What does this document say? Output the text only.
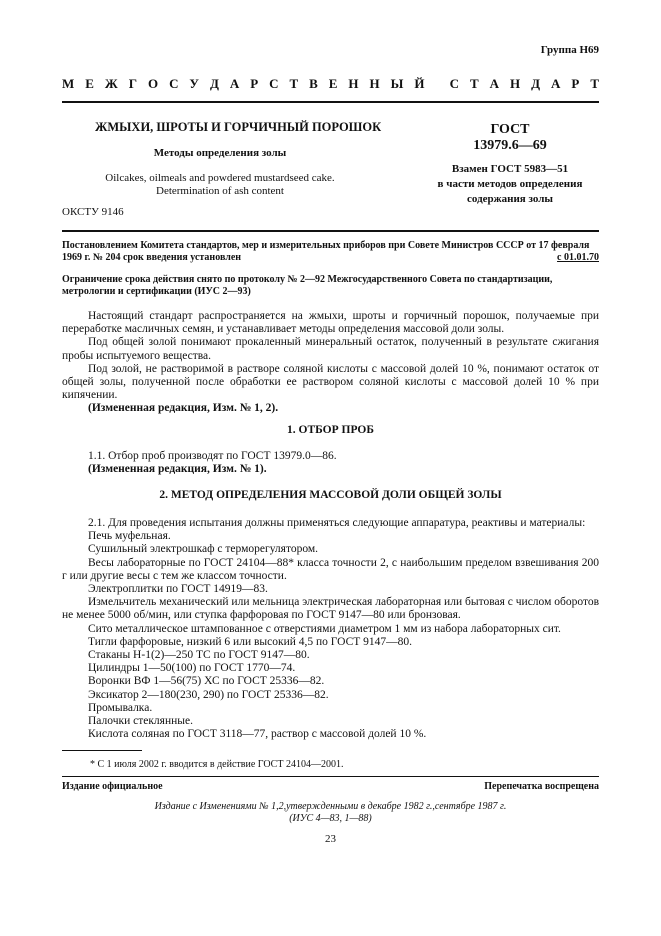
Группа Н69
М Е Ж Г О С У Д А Р С Т В Е Н Н Ы Й
С Т А Н Д А Р Т
ЖМЫХИ, ШРОТЫ И ГОРЧИЧНЫЙ ПОРОШОК
Методы определения золы
Oilcakes, oilmeals and powdered mustardseed cake.
Determination of ash content
ОКСТУ 9146
ГОСТ
13979.6—69
Взамен ГОСТ 5983—51
в части методов определения
содержания золы
Постановлением Комитета стандартов, мер и измерительных приборов при Совете Министров СССР от 17 февраля 1969 г. № 204 срок введения установлен	с 01.01.70
Ограничение срока действия снято по протоколу № 2—92 Межгосударственного Совета по стандартизации, метрологии и сертификации (ИУС 2—93)

Настоящий стандарт распространяется на жмыхи, шроты и горчичный порошок, получаемые при переработке масличных семян, и устанавливает методы определения массовой доли золы.

Под общей золой понимают прокаленный минеральный остаток, полученный в результате сжигания пробы испытуемого вещества.

Под золой, не растворимой в растворе соляной кислоты с массовой долей 10 %, понимают остаток от общей золы, полученной после обработки ее раствором соляной кислоты с массовой долей 10 % при кипячении.

(Измененная редакция, Изм. № 1, 2).

1. ОТБОР ПРОБ

1.1. Отбор проб производят по ГОСТ 13979.0—86.

(Измененная редакция, Изм. № 1).

2. МЕТОД ОПРЕДЕЛЕНИЯ МАССОВОЙ ДОЛИ ОБЩЕЙ ЗОЛЫ

2.1. Для проведения испытания должны применяться следующие аппаратура, реактивы и материалы:

Печь муфельная.

Сушильный электрошкаф с терморегулятором.

Весы лабораторные по ГОСТ 24104—88* класса точности 2, с наибольшим пределом взвешивания 200 г или другие весы с тем же классом точности.

Электроплитки по ГОСТ 14919—83.

Измельчитель механический или мельница электрическая лабораторная или бытовая с числом оборотов не менее 5000 об/мин, или ступка фарфоровая по ГОСТ 9147—80 или бронзовая.

Сито металлическое штампованное с отверстиями диаметром 1 мм из набора лабораторных сит.

Тигли фарфоровые, низкий 6 или высокий 4,5 по ГОСТ 9147—80.

Стаканы Н-1(2)—250 ТС по ГОСТ 9147—80.

Цилиндры 1—50(100) по ГОСТ 1770—74.

Воронки ВФ 1—56(75) ХС по ГОСТ 25336—82.

Эксикатор 2—180(230, 290) по ГОСТ 25336—82.

Промывалка.

Палочки стеклянные.

Кислота соляная по ГОСТ 3118—77, раствор с массовой долей 10 %.

* С 1 июля 2002 г. вводится в действие ГОСТ 24104—2001.
Издание официальное	Перепечатка воспрещена
Издание с Изменениями № 1,2,утвержденными в декабре 1982 г.,сентябре 1987 г.
(ИУС 4—83, 1—88)
23
